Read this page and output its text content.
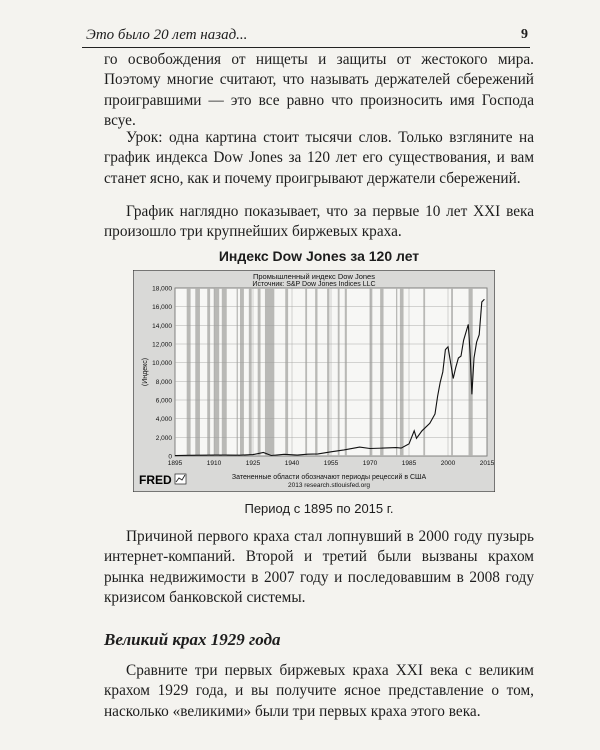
Это было 20 лет назад...	9

го освобождения от нищеты и защиты от жестокого мира. Поэтому многие считают, что называть держателей сбережений проигравшими — это все равно что произносить имя Господа всуе.

Урок: одна картина стоит тысячи слов. Только взгляните на график индекса Dow Jones за 120 лет его существования, и вам станет ясно, как и почему проигрывают держатели сбережений.

График наглядно показывает, что за первые 10 лет XXI века произошло три крупнейших биржевых краха.

Индекс Dow Jones за 120 лет
0
2,000
4,000
6,000
8,000
10,000
12,000
14,000
16,000
18,000
1895	1910	1925	1940	1955	1970	1985	2000	2015
Промышленный индекс Dow Jones
Источник: S&P Dow Jones Indices LLC
(Индекс)
Затененные области обозначают периоды рецессий в США
2013 research.stlouisfed.org
FRED
Период с 1895 по 2015 г.

Причиной первого краха стал лопнувший в 2000 году пузырь интернет-компаний. Второй и третий были вызваны крахом рынка недвижимости в 2007 году и последовавшим в 2008 году кризисом банковской системы.

Великий крах 1929 года

Сравните три первых биржевых краха XXI века с великим крахом 1929 года, и вы получите ясное представление о том, насколько «великими» были три первых краха этого века.
